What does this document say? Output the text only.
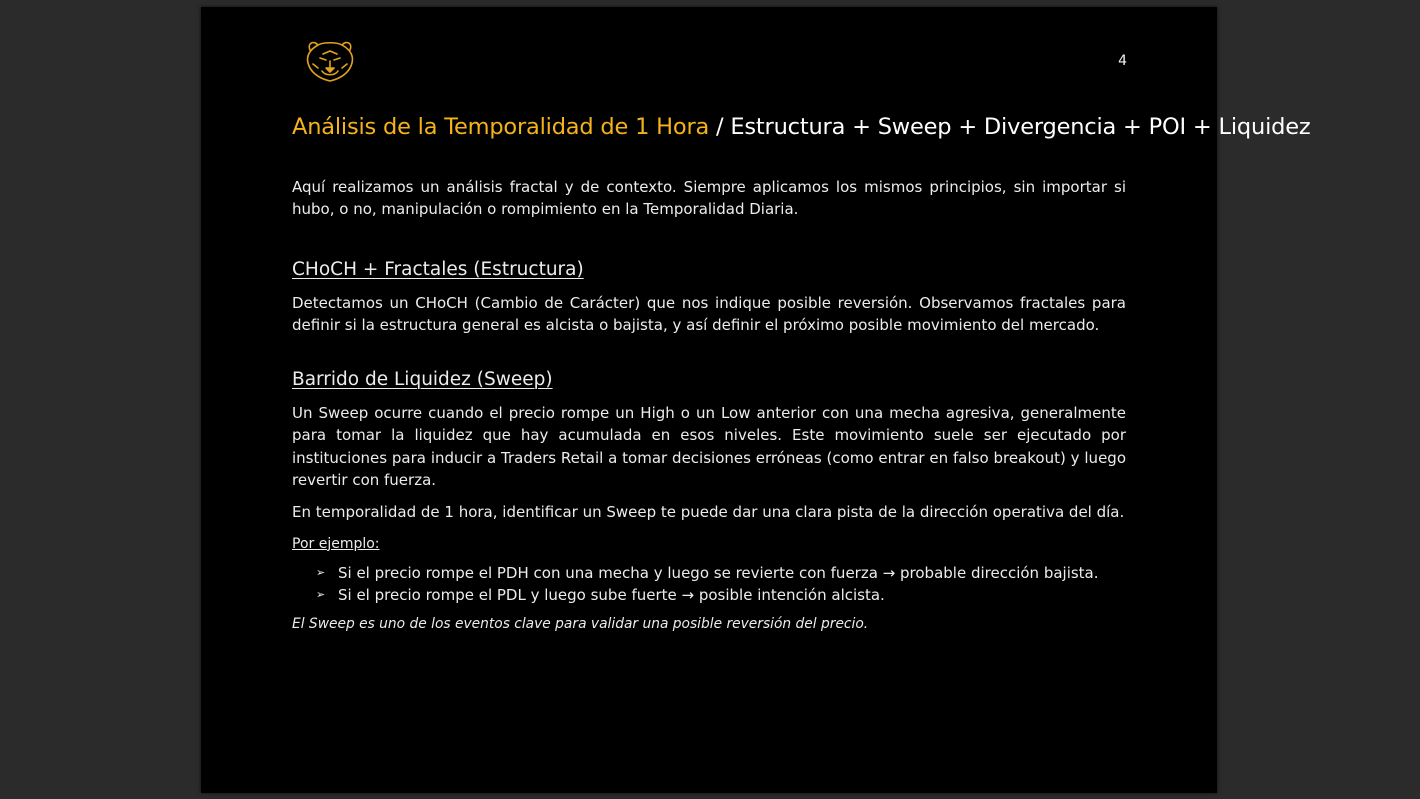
4
Análisis de la Temporalidad de 1 Hora / Estructura + Sweep + Divergencia + POI + Liquidez

Aquí realizamos un análisis fractal y de contexto. Siempre aplicamos los mismos principios, sin importar si hubo, o no, manipulación o rompimiento en la Temporalidad Diaria.

CHoCH + Fractales (Estructura)

Detectamos un CHoCH (Cambio de Carácter) que nos indique posible reversión. Observamos fractales para definir si la estructura general es alcista o bajista, y así definir el próximo posible movimiento del mercado.

Barrido de Liquidez (Sweep)

Un Sweep ocurre cuando el precio rompe un High o un Low anterior con una mecha agresiva, generalmente para tomar la liquidez que hay acumulada en esos niveles. Este movimiento suele ser ejecutado por instituciones para inducir a Traders Retail a tomar decisiones erróneas (como entrar en falso breakout) y luego revertir con fuerza.

En temporalidad de 1 hora, identificar un Sweep te puede dar una clara pista de la dirección operativa del día.

Por ejemplo:
➢ Si el precio rompe el PDH con una mecha y luego se revierte con fuerza → probable dirección bajista.
➢ Si el precio rompe el PDL y luego sube fuerte → posible intención alcista.

El Sweep es uno de los eventos clave para validar una posible reversión del precio.
